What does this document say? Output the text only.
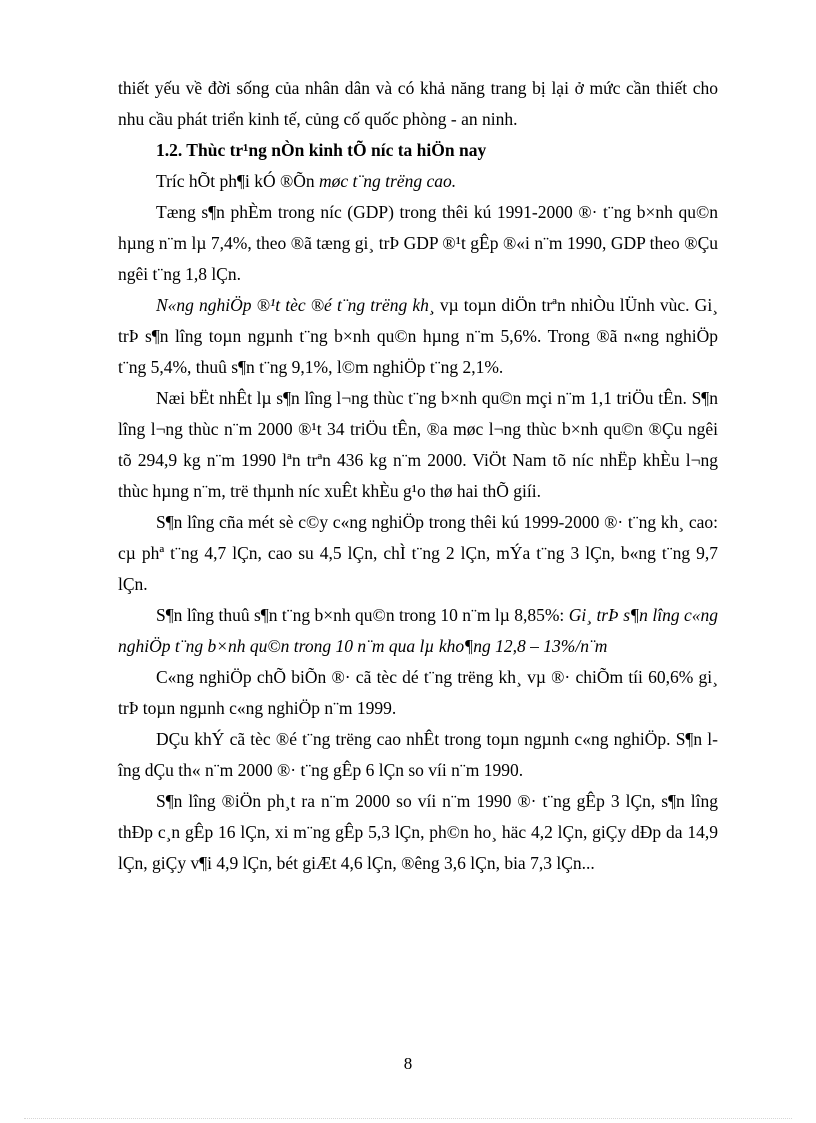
thiết yếu về đời sống của nhân dân và có khả năng trang bị lại ở mức cần thiết cho nhu cầu phát triển kinh tế, củng cố quốc phòng - an ninh.

1.2. Thùc tr¹ng nÒn kinh tÕ níc ta hiÖn nay

Tríc hÕt ph¶i kÓ ®Õn møc t¨ng trëng cao.

Tæng s¶n phÈm trong níc (GDP) trong thêi kú 1991-2000 ®· t¨ng b×nh qu©n hµng n¨m lµ 7,4%, theo ®ã tæng gi¸ trÞ GDP ®¹t gÊp ®«i n¨m 1990, GDP theo ®Çu ngêi t¨ng 1,8 lÇn.

N«ng nghiÖp ®¹t tèc ®é t¨ng trëng kh¸ vµ toµn diÖn trªn nhiÒu lÜnh vùc. Gi¸ trÞ s¶n lîng toµn ngµnh t¨ng b×nh qu©n hµng n¨m 5,6%. Trong ®ã n«ng nghiÖp t¨ng 5,4%, thuû s¶n t¨ng 9,1%, l©m nghiÖp t¨ng 2,1%.

Næi bËt nhÊt lµ s¶n lîng l¬ng thùc t¨ng b×nh qu©n mçi n¨m 1,1 triÖu tÊn. S¶n lîng l¬ng thùc n¨m 2000 ®¹t 34 triÖu tÊn, ®a møc l¬ng thùc b×nh qu©n ®Çu ngêi tõ 294,9 kg n¨m 1990 lªn trªn 436 kg n¨m 2000. ViÖt Nam tõ níc nhËp khÈu l¬ng thùc hµng n¨m, trë thµnh níc xuÊt khÈu g¹o thø hai thÕ giíi.

S¶n lîng cña mét sè c©y c«ng nghiÖp trong thêi kú 1999-2000 ®· t¨ng kh¸ cao: cµ phª t¨ng 4,7 lÇn, cao su 4,5 lÇn, chÌ t¨ng 2 lÇn, mÝa t¨ng 3 lÇn, b«ng t¨ng 9,7 lÇn.

S¶n lîng thuû s¶n t¨ng b×nh qu©n trong 10 n¨m lµ 8,85%: Gi¸ trÞ s¶n lîng c«ng nghiÖp t¨ng b×nh qu©n trong 10 n¨m qua lµ kho¶ng 12,8 – 13%/n¨m

C«ng nghiÖp chÕ biÕn ®· cã tèc dé t¨ng trëng kh¸ vµ ®· chiÕm tíi 60,6% gi¸ trÞ toµn ngµnh c«ng nghiÖp n¨m 1999.

DÇu khÝ cã tèc ®é t¨ng trëng cao nhÊt trong toµn ngµnh c«ng nghiÖp. S¶n lîng dÇu th« n¨m 2000 ®· t¨ng gÊp 6 lÇn so víi n¨m 1990.

S¶n lîng ®iÖn ph¸t ra n¨m 2000 so víi n¨m 1990 ®· t¨ng gÊp 3 lÇn, s¶n lîng thÐp c¸n gÊp 16 lÇn, xi m¨ng gÊp 5,3 lÇn, ph©n ho¸ häc 4,2 lÇn, giÇy dÐp da 14,9 lÇn, giÇy v¶i 4,9 lÇn, bét giÆt 4,6 lÇn, ®êng 3,6 lÇn, bia 7,3 lÇn...

8
